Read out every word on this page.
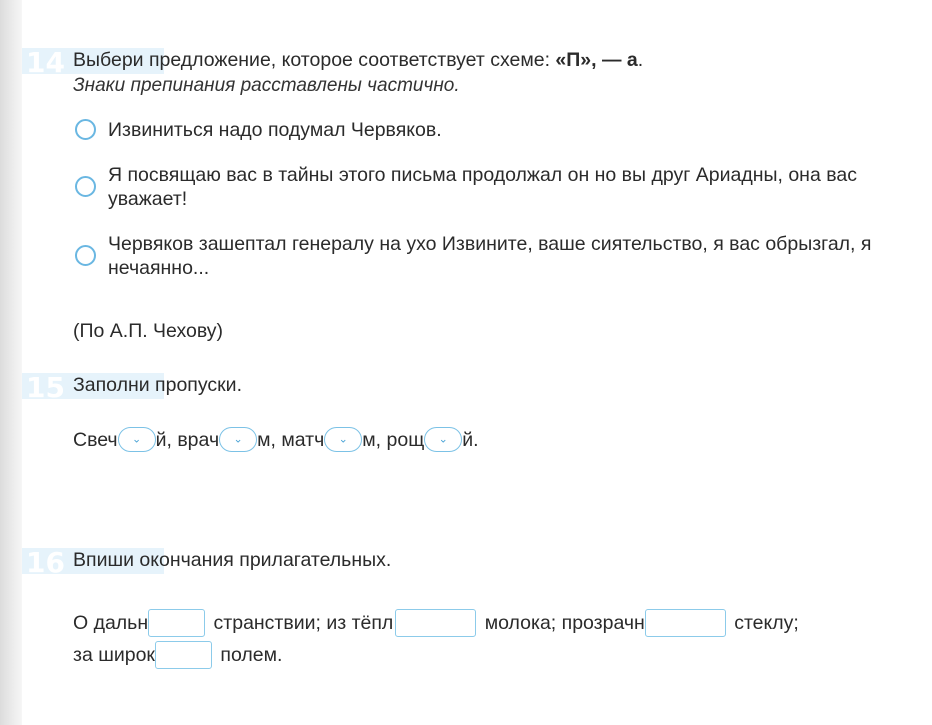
14 Выбери предложение, которое соответствует схеме: «П», — а.
Знаки препинания расставлены частично.
Извиниться надо подумал Червяков.
Я посвящаю вас в тайны этого письма продолжал он но вы друг Ариадны, она вас уважает!
Червяков зашептал генералу на ухо Извините, ваше сиятельство, я вас обрызгал, я нечаянно...
(По А.П. Чехову)
15 Заполни пропуски.
Свеч ⌄ й, врач ⌄ м, матч ⌄ м, рощ ⌄ й.
16 Впиши окончания прилагательных.
О дальн	странствии; из тёпл	молока; прозрачн	стеклу;
за широк	полем.
